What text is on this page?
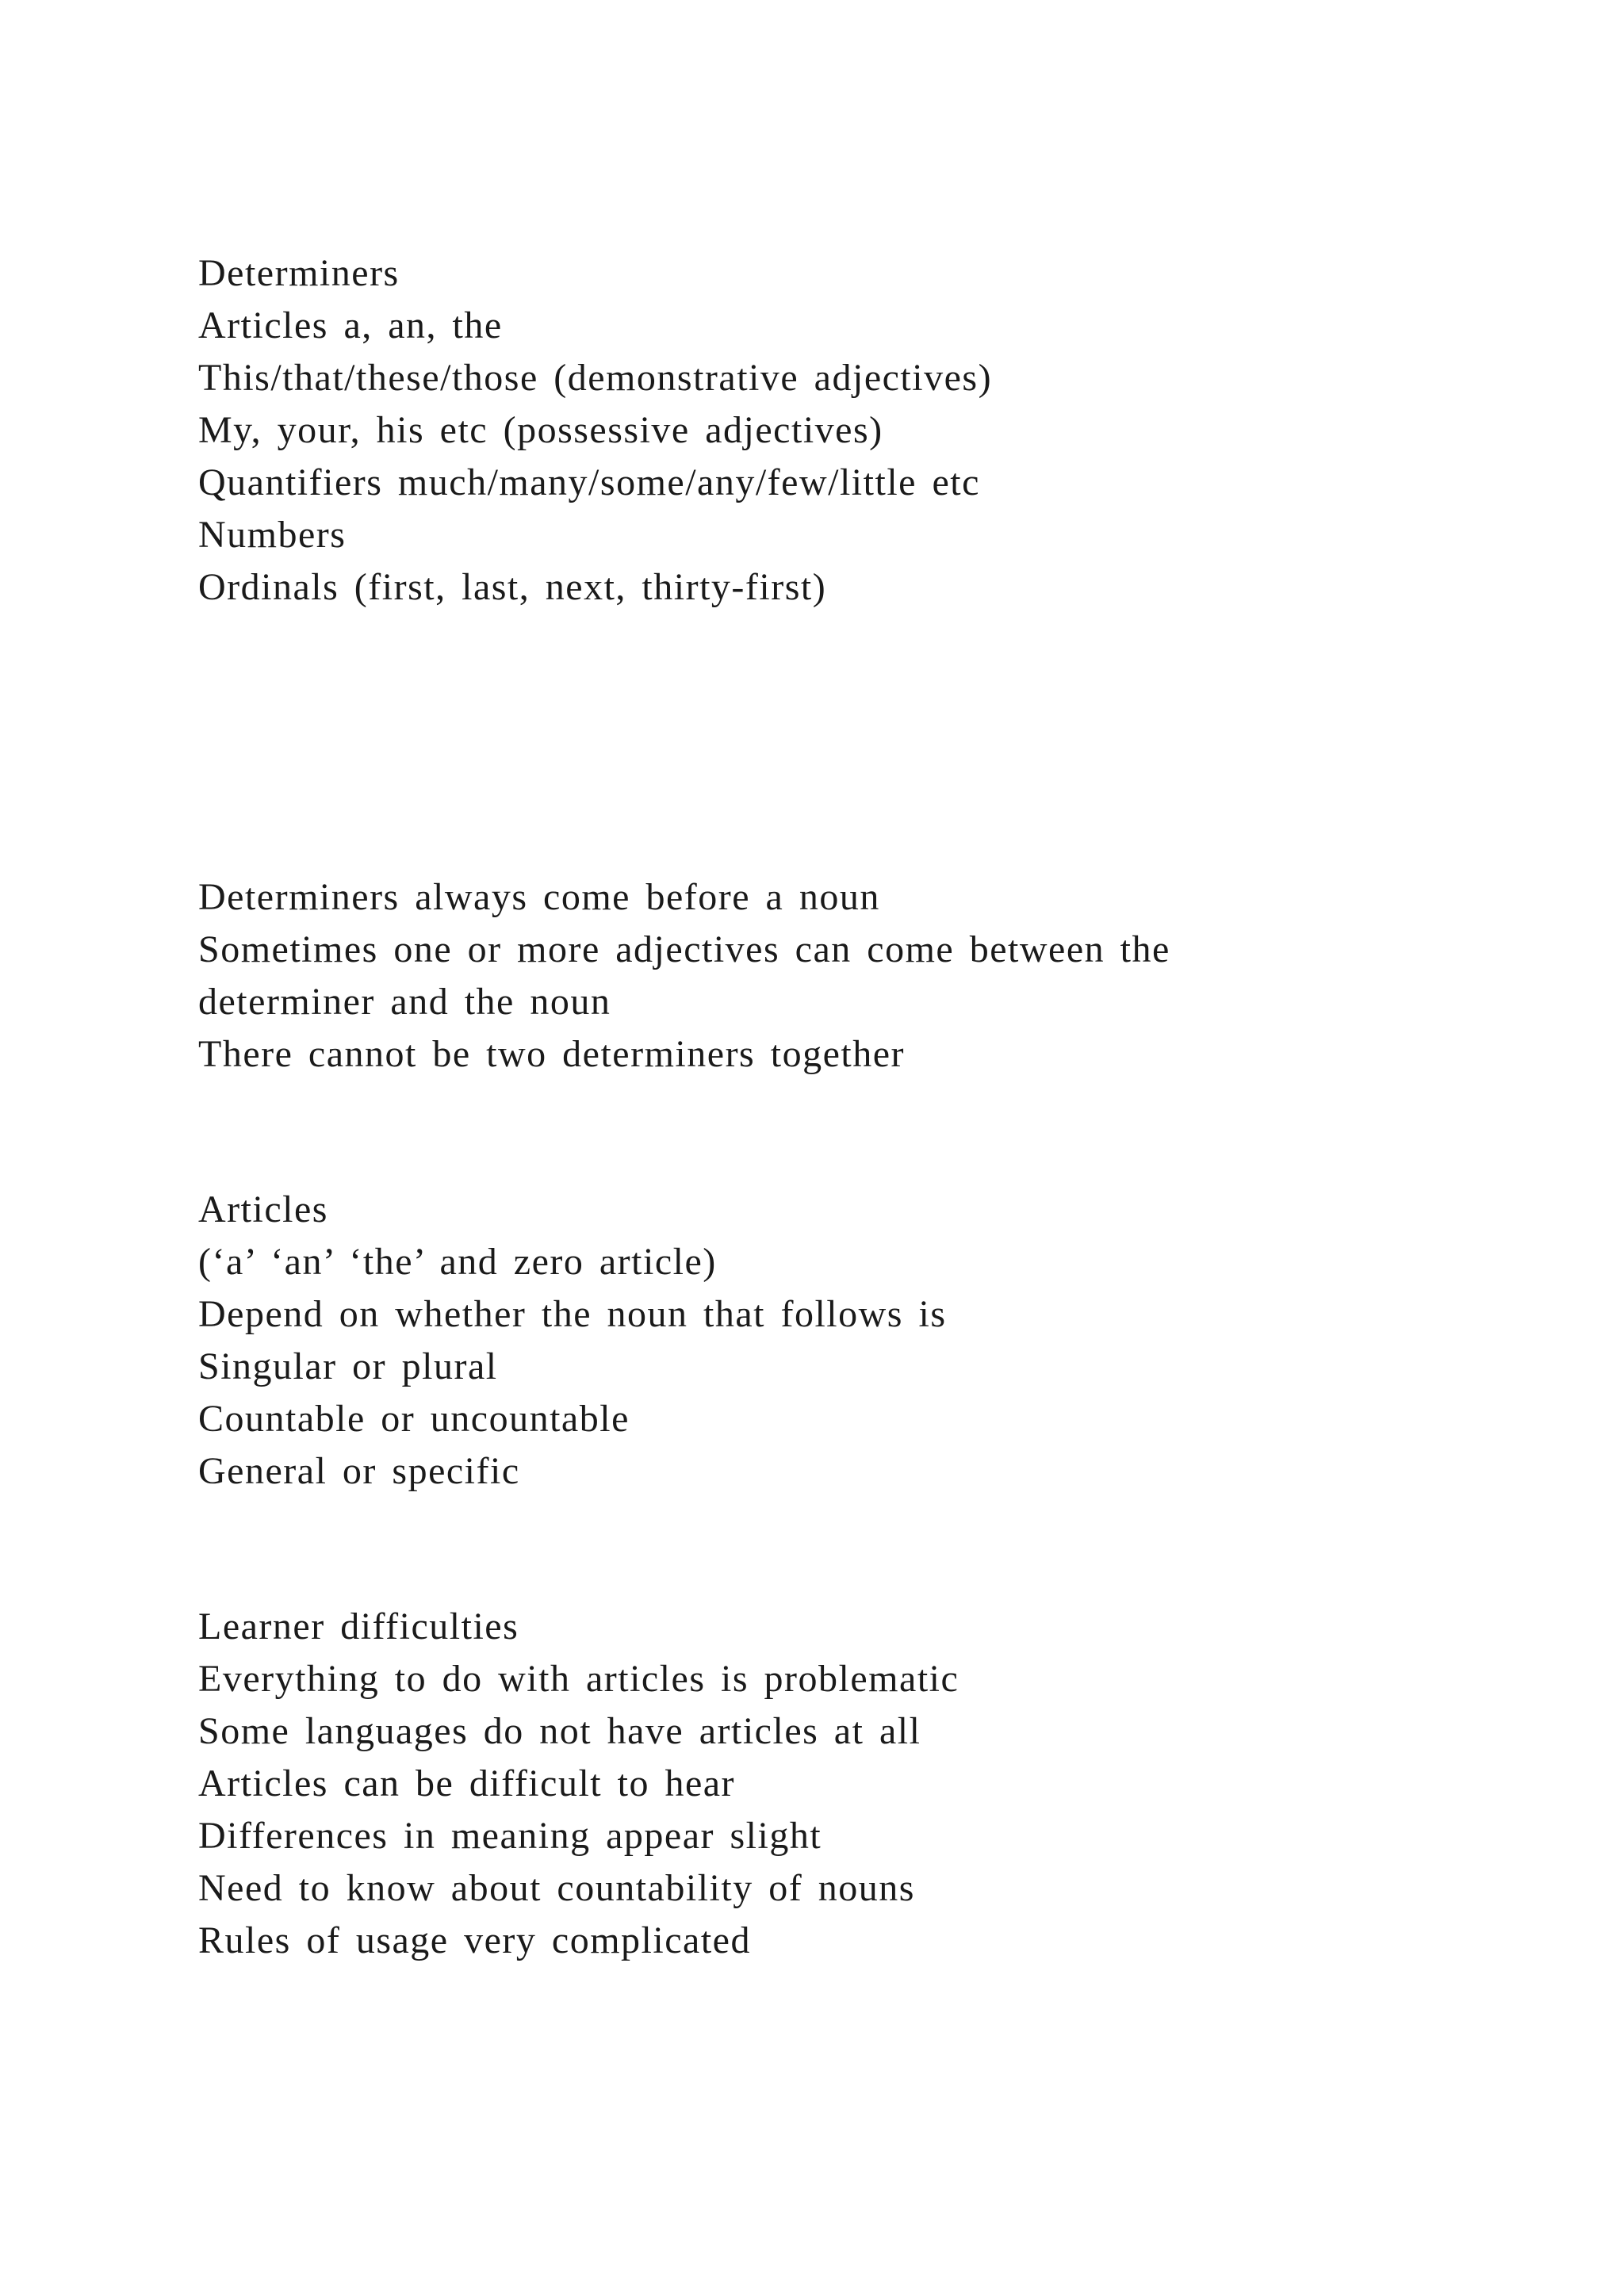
Determiners
Articles a, an, the
This/that/these/those (demonstrative adjectives)
My, your, his etc (possessive adjectives)
Quantifiers much/many/some/any/few/little etc
Numbers
Ordinals (first, last, next, thirty-first)
Determiners always come before a noun
Sometimes one or more adjectives can come between the
determiner and the noun
There cannot be two determiners together
Articles
(‘a’ ‘an’ ‘the’ and zero article)
Depend on whether the noun that follows is
Singular or plural
Countable or uncountable
General or specific
Learner difficulties
Everything to do with articles is problematic
Some languages do not have articles at all
Articles can be difficult to hear
Differences in meaning appear slight
Need to know about countability of nouns
Rules of usage very complicated
